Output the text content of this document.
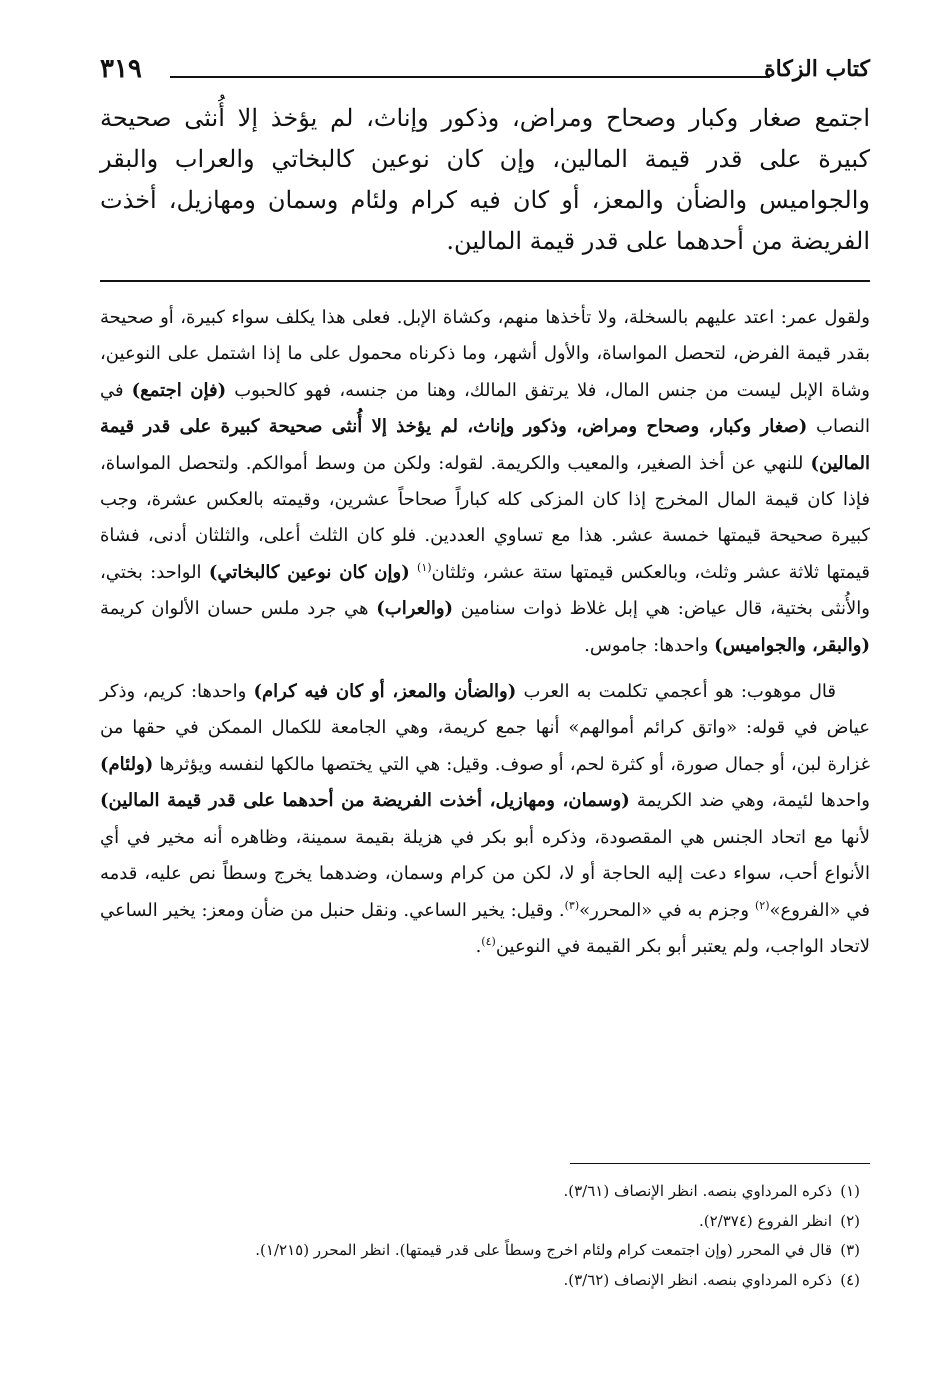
كتاب الزكاة
٣١٩
اجتمع صغار وكبار وصحاح ومراض، وذكور وإناث، لم يؤخذ إلا أُنثى صحيحة كبيرة على قدر قيمة المالين، وإن كان نوعين كالبخاتي والعراب والبقر والجواميس والضأن والمعز، أو كان فيه كرام ولئام وسمان ومهازيل، أخذت الفريضة من أحدهما على قدر قيمة المالين.

ولقول عمر: اعتد عليهم بالسخلة، ولا تأخذها منهم، وكشاة الإبل. فعلى هذا يكلف سواء كبيرة، أو صحيحة بقدر قيمة الفرض، لتحصل المواساة، والأول أشهر، وما ذكرناه محمول على ما إذا اشتمل على النوعين، وشاة الإبل ليست من جنس المال، فلا يرتفق المالك، وهنا من جنسه، فهو كالحبوب (فإن اجتمع) في النصاب (صغار وكبار، وصحاح ومراض، وذكور وإناث، لم يؤخذ إلا أُنثى صحيحة كبيرة على قدر قيمة المالين) للنهي عن أخذ الصغير، والمعيب والكريمة. لقوله: ولكن من وسط أموالكم. ولتحصل المواساة، فإذا كان قيمة المال المخرج إذا كان المزكى كله كباراً صحاحاً عشرين، وقيمته بالعكس عشرة، وجب كبيرة صحيحة قيمتها خمسة عشر. هذا مع تساوي العددين. فلو كان الثلث أعلى، والثلثان أدنى، فشاة قيمتها ثلاثة عشر وثلث، وبالعكس قيمتها ستة عشر، وثلثان$^{(١)}$ (وإن كان نوعين كالبخاتي) الواحد: بختي، والأُنثى بختية، قال عياض: هي إبل غلاظ ذوات سنامين (والعراب) هي جرد ملس حسان الألوان كريمة (والبقر، والجواميس) واحدها: جاموس.

قال موهوب: هو أعجمي تكلمت به العرب (والضأن والمعز، أو كان فيه كرام) واحدها: كريم، وذكر عياض في قوله: «واتق كرائم أموالهم» أنها جمع كريمة، وهي الجامعة للكمال الممكن في حقها من غزارة لبن، أو جمال صورة، أو كثرة لحم، أو صوف. وقيل: هي التي يختصها مالكها لنفسه ويؤثرها (ولئام) واحدها لئيمة، وهي ضد الكريمة (وسمان، ومهازيل، أخذت الفريضة من أحدهما على قدر قيمة المالين) لأنها مع اتحاد الجنس هي المقصودة، وذكره أبو بكر في هزيلة بقيمة سمينة، وظاهره أنه مخير في أي الأنواع أحب، سواء دعت إليه الحاجة أو لا، لكن من كرام وسمان، وضدهما يخرج وسطاً نص عليه، قدمه في «الفروع»$^{(٢)}$ وجزم به في «المحرر»$^{(٣)}$. وقيل: يخير الساعي. ونقل حنبل من ضأن ومعز: يخير الساعي لاتحاد الواجب، ولم يعتبر أبو بكر القيمة في النوعين$^{(٤)}$.

(١)ذكره المرداوي بنصه. انظر الإنصاف (٣/٦١).
(٢)انظر الفروع (٢/٣٧٤).
(٣)قال في المحرر (وإن اجتمعت كرام ولئام اخرج وسطاً على قدر قيمتها). انظر المحرر (١/٢١٥).
(٤)ذكره المرداوي بنصه. انظر الإنصاف (٣/٦٢).
